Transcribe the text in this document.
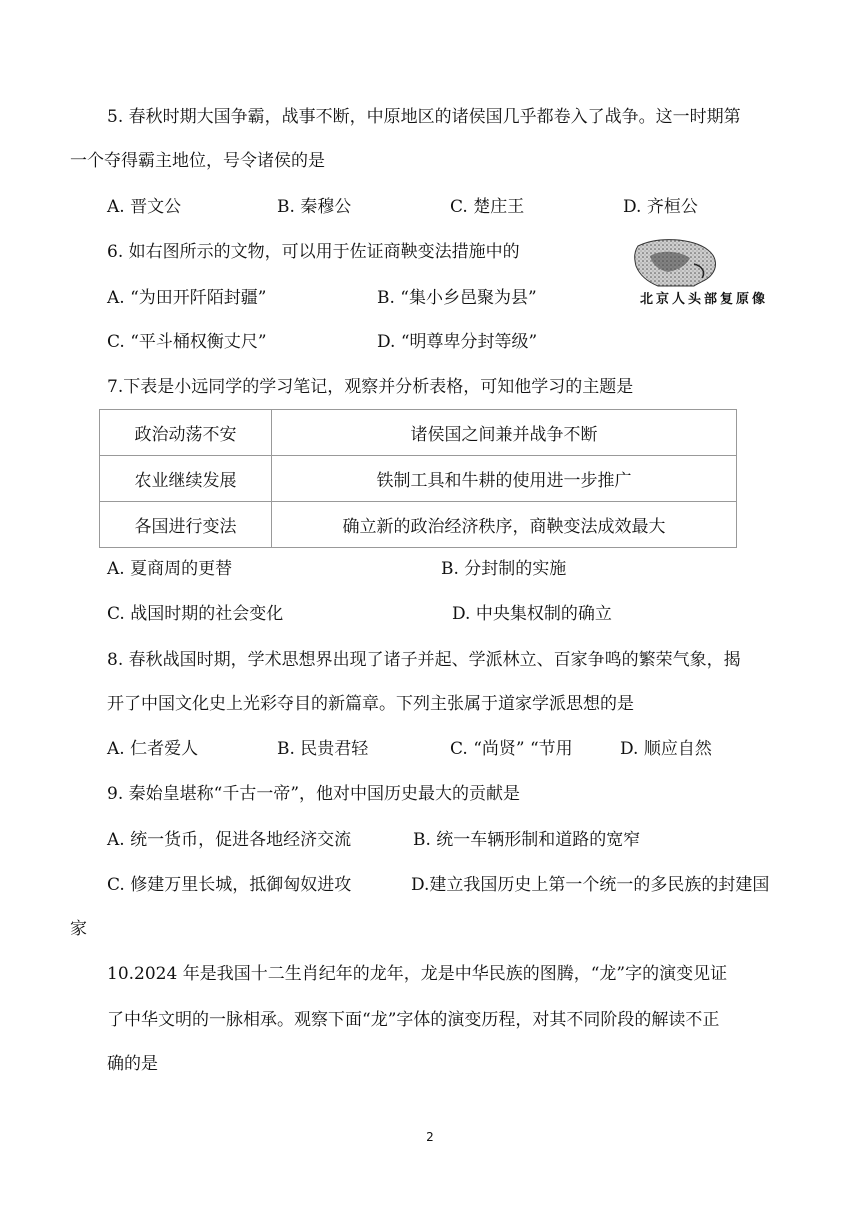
5. 春秋时期大国争霸，战事不断，中原地区的诸侯国几乎都卷入了战争。这一时期第
一个夺得霸主地位，号令诸侯的是
A. 晋文公	B. 秦穆公	C. 楚庄王	D. 齐桓公
6. 如右图所示的文物，可以用于佐证商鞅变法措施中的
A. “为田开阡陌封疆”	B. “集小乡邑聚为县”
C. “平斗桶权衡丈尺”	D. “明尊卑分封等级”
北京人头部复原像
7.下表是小远同学的学习笔记，观察并分析表格，可知他学习的主题是
政治动荡不安	诸侯国之间兼并战争不断
农业继续发展	铁制工具和牛耕的使用进一步推广
各国进行变法	确立新的政治经济秩序，商鞅变法成效最大
A. 夏商周的更替	B. 分封制的实施
C. 战国时期的社会变化	D. 中央集权制的确立
8. 春秋战国时期，学术思想界出现了诸子并起、学派林立、百家争鸣的繁荣气象，揭
开了中国文化史上光彩夺目的新篇章。下列主张属于道家学派思想的是
A. 仁者爱人	B. 民贵君轻	C. “尚贤” “节用	D. 顺应自然
9. 秦始皇堪称“千古一帝”，他对中国历史最大的贡献是
A. 统一货币，促进各地经济交流	B. 统一车辆形制和道路的宽窄
C. 修建万里长城，抵御匈奴进攻	D.建立我国历史上第一个统一的多民族的封建国
家
10.2024 年是我国十二生肖纪年的龙年，龙是中华民族的图腾，“龙”字的演变见证
了中华文明的一脉相承。观察下面“龙”字体的演变历程，对其不同阶段的解读不正
确的是
2
